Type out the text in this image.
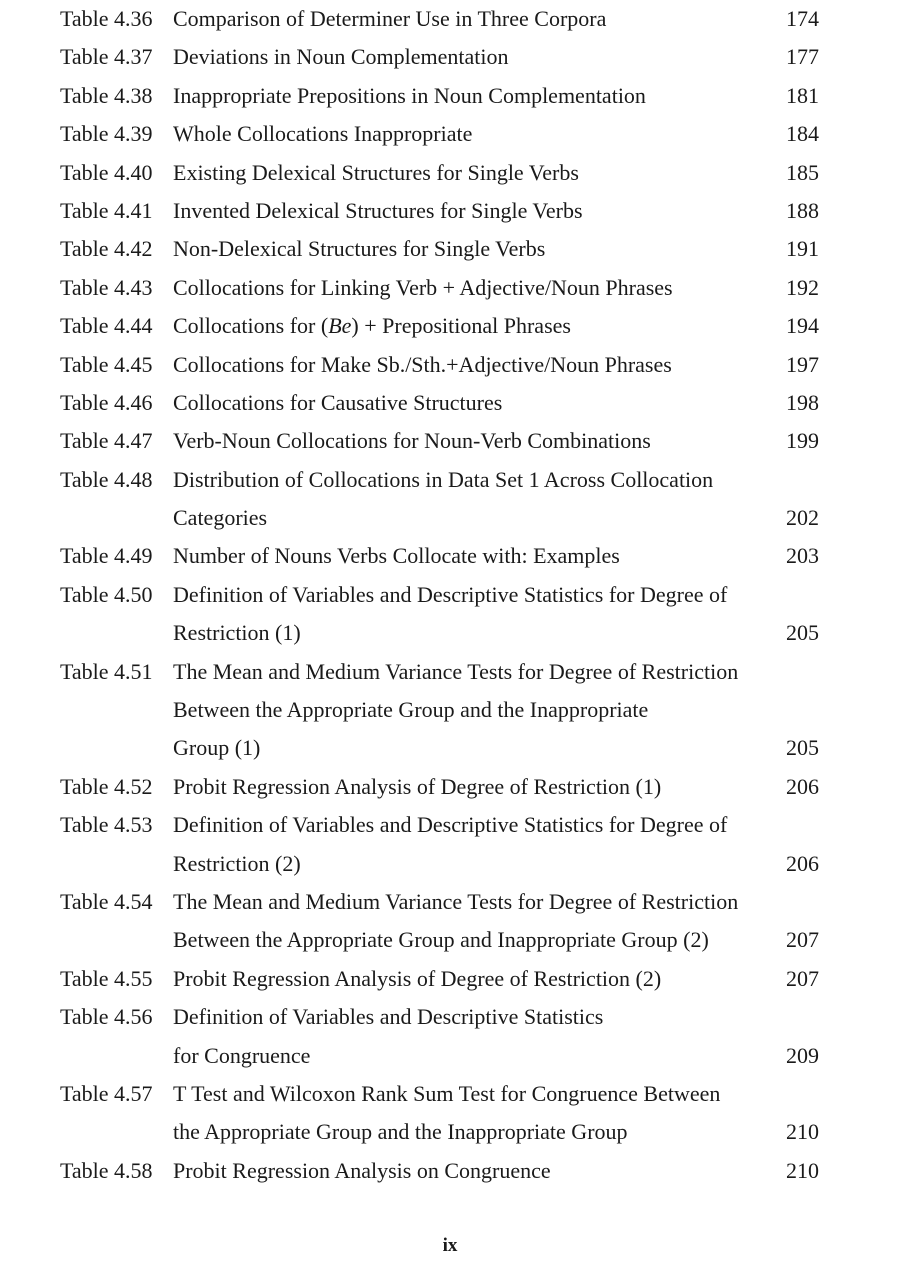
Table 4.36 Comparison of Determiner Use in Three Corpora	174
Table 4.37 Deviations in Noun Complementation	177
Table 4.38 Inappropriate Prepositions in Noun Complementation	181
Table 4.39 Whole Collocations Inappropriate	184
Table 4.40 Existing Delexical Structures for Single Verbs	185
Table 4.41 Invented Delexical Structures for Single Verbs	188
Table 4.42 Non-Delexical Structures for Single Verbs	191
Table 4.43 Collocations for Linking Verb + Adjective/Noun Phrases	192
Table 4.44 Collocations for (Be) + Prepositional Phrases	194
Table 4.45 Collocations for Make Sb./Sth.+Adjective/Noun Phrases	197
Table 4.46 Collocations for Causative Structures	198
Table 4.47 Verb-Noun Collocations for Noun-Verb Combinations	199
Table 4.48 Distribution of Collocations in Data Set 1 Across Collocation
Categories	202
Table 4.49 Number of Nouns Verbs Collocate with: Examples	203
Table 4.50 Definition of Variables and Descriptive Statistics for Degree of
Restriction (1)	205
Table 4.51 The Mean and Medium Variance Tests for Degree of Restriction
Between the Appropriate Group and the Inappropriate
Group (1)	205
Table 4.52 Probit Regression Analysis of Degree of Restriction (1)	206
Table 4.53 Definition of Variables and Descriptive Statistics for Degree of
Restriction (2)	206
Table 4.54 The Mean and Medium Variance Tests for Degree of Restriction
Between the Appropriate Group and Inappropriate Group (2)	207
Table 4.55 Probit Regression Analysis of Degree of Restriction (2)	207
Table 4.56 Definition of Variables and Descriptive Statistics
for Congruence	209
Table 4.57 T Test and Wilcoxon Rank Sum Test for Congruence Between
the Appropriate Group and the Inappropriate Group	210
Table 4.58 Probit Regression Analysis on Congruence	210
ix
